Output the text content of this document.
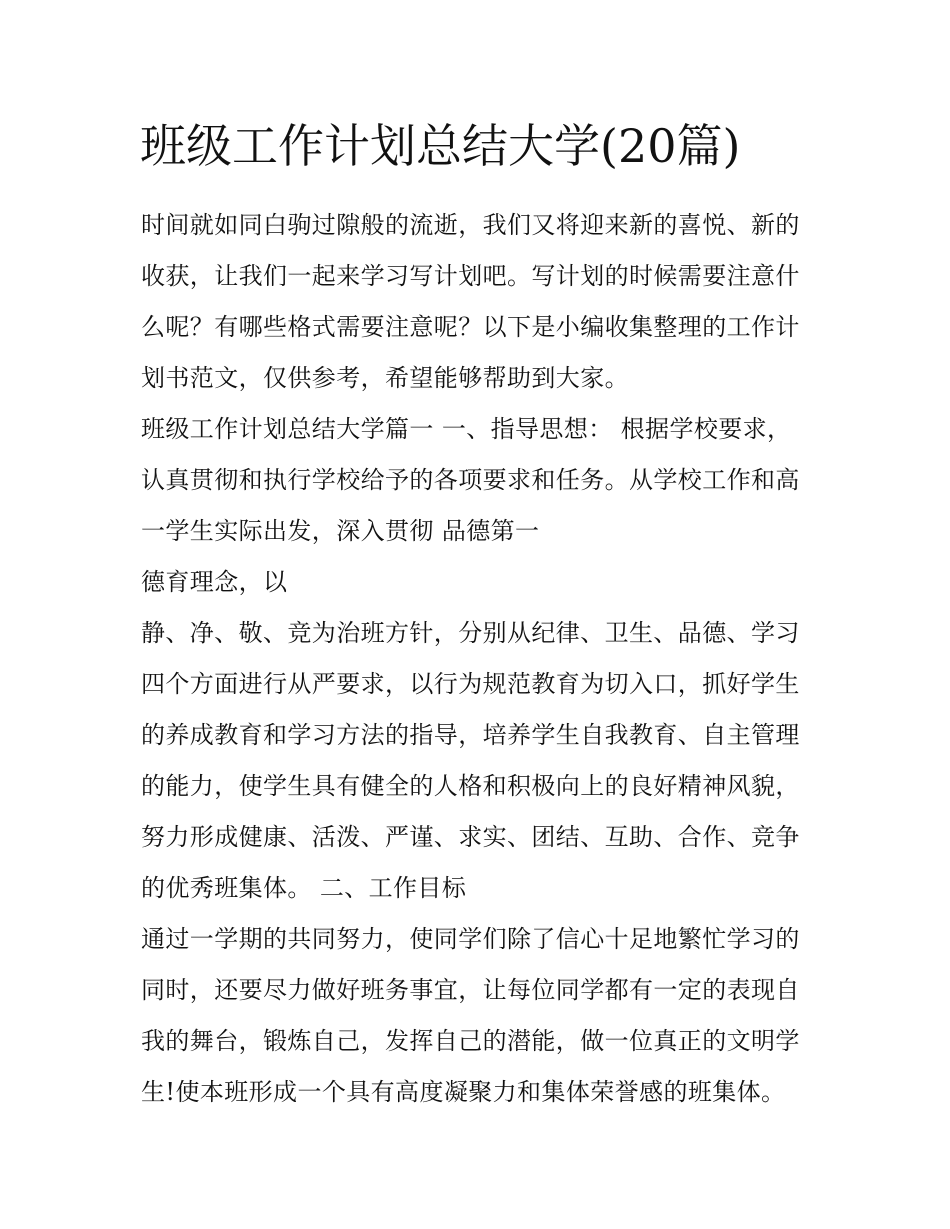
班级工作计划总结大学(20篇)
时间就如同白驹过隙般的流逝，我们又将迎来新的喜悦、新的
收获，让我们一起来学习写计划吧。写计划的时候需要注意什
么呢？有哪些格式需要注意呢？以下是小编收集整理的工作计
划书范文，仅供参考，希望能够帮助到大家。
班级工作计划总结大学篇一 一、指导思想： 根据学校要求，
认真贯彻和执行学校给予的各项要求和任务。从学校工作和高
一学生实际出发，深入贯彻 品德第一
德育理念，以
静、净、敬、竞为治班方针，分别从纪律、卫生、品德、学习
四个方面进行从严要求，以行为规范教育为切入口，抓好学生
的养成教育和学习方法的指导，培养学生自我教育、自主管理
的能力，使学生具有健全的人格和积极向上的良好精神风貌，
努力形成健康、活泼、严谨、求实、团结、互助、合作、竞争
的优秀班集体。 二、工作目标
通过一学期的共同努力，使同学们除了信心十足地繁忙学习的
同时，还要尽力做好班务事宜，让每位同学都有一定的表现自
我的舞台，锻炼自己，发挥自己的潜能，做一位真正的文明学
生!使本班形成一个具有高度凝聚力和集体荣誉感的班集体。
